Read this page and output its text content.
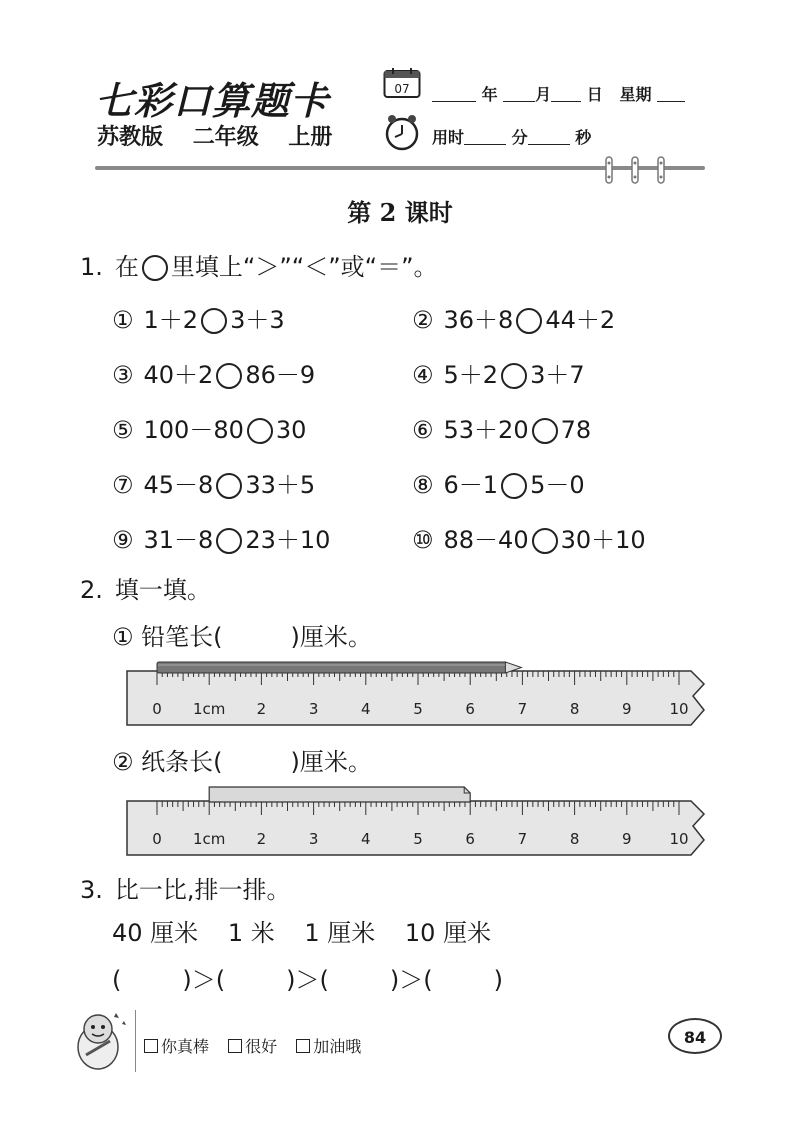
七彩口算题卡
苏教版 二年级 上册
07	年 月 日 星期
用时	分	秒
第 2 课时
1. 在 里填上“＞”“＜”或“＝”。
① 1＋2 3＋3	② 36＋8 44＋2
③ 40＋2 86－9	④ 5＋2 3＋7
⑤ 100－80 30	⑥ 53＋20 78
⑦ 45－8 33＋5	⑧ 6－1 5－0
⑨ 31－8 23＋10	⑩ 88－40 30＋10
2. 填一填。
① 铅笔长(	)厘米。
0 1cm 2	3	4	5	6	7	8	9	10
② 纸条长(	)厘米。
0 1cm 2	3	4	5	6	7	8	9	10
3. 比一比,排一排。
40 厘米 1 米 1 厘米 10 厘米
(        )＞(        )＞(        )＞(        )
你真棒 很好 加油哦	84
